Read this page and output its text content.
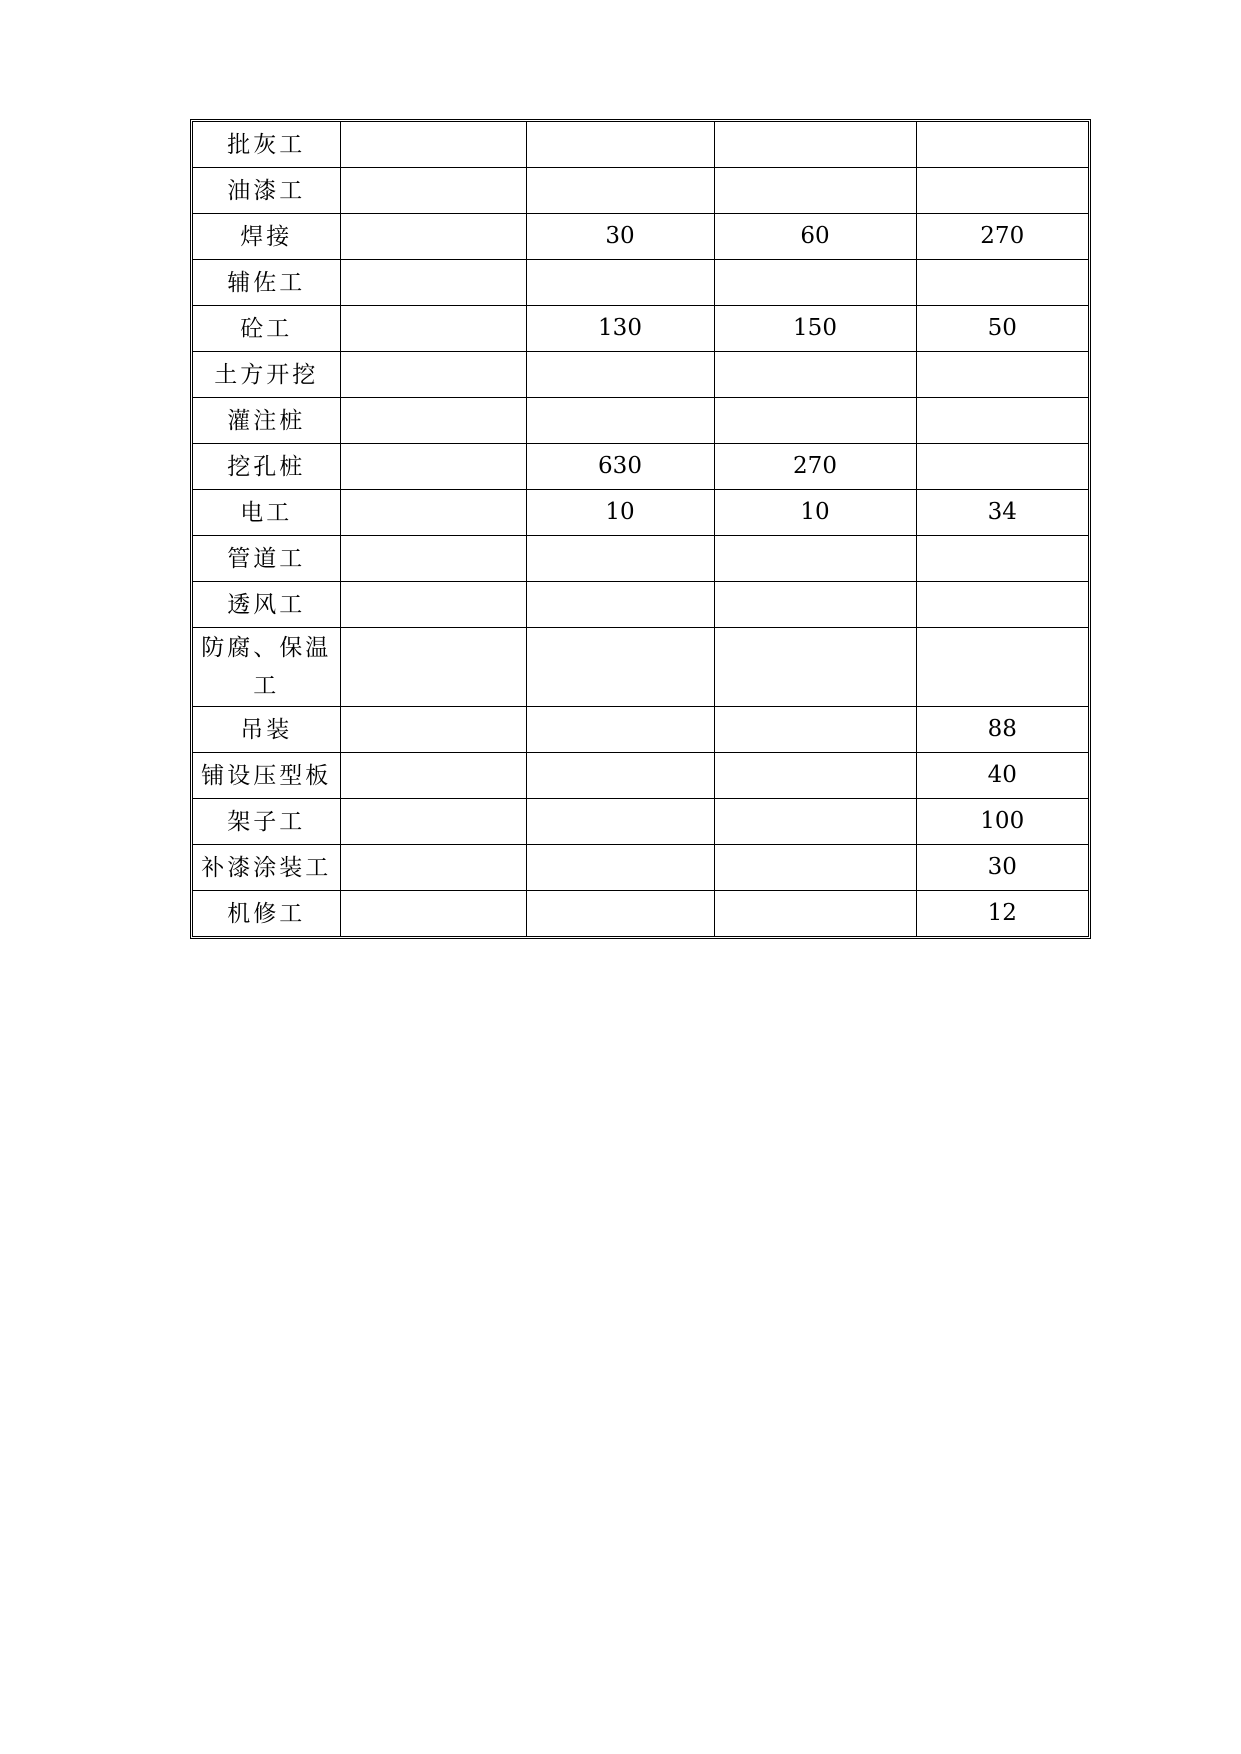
批灰工				
油漆工				
焊接		30	60	270
辅佐工				
砼工		130	150	50
土方开挖				
灌注桩				
挖孔桩		630	270	
电工		10	10	34
管道工				
透风工				
防腐、保温工				
吊装				88
铺设压型板				40
架子工				100
补漆涂装工				30
机修工				12
